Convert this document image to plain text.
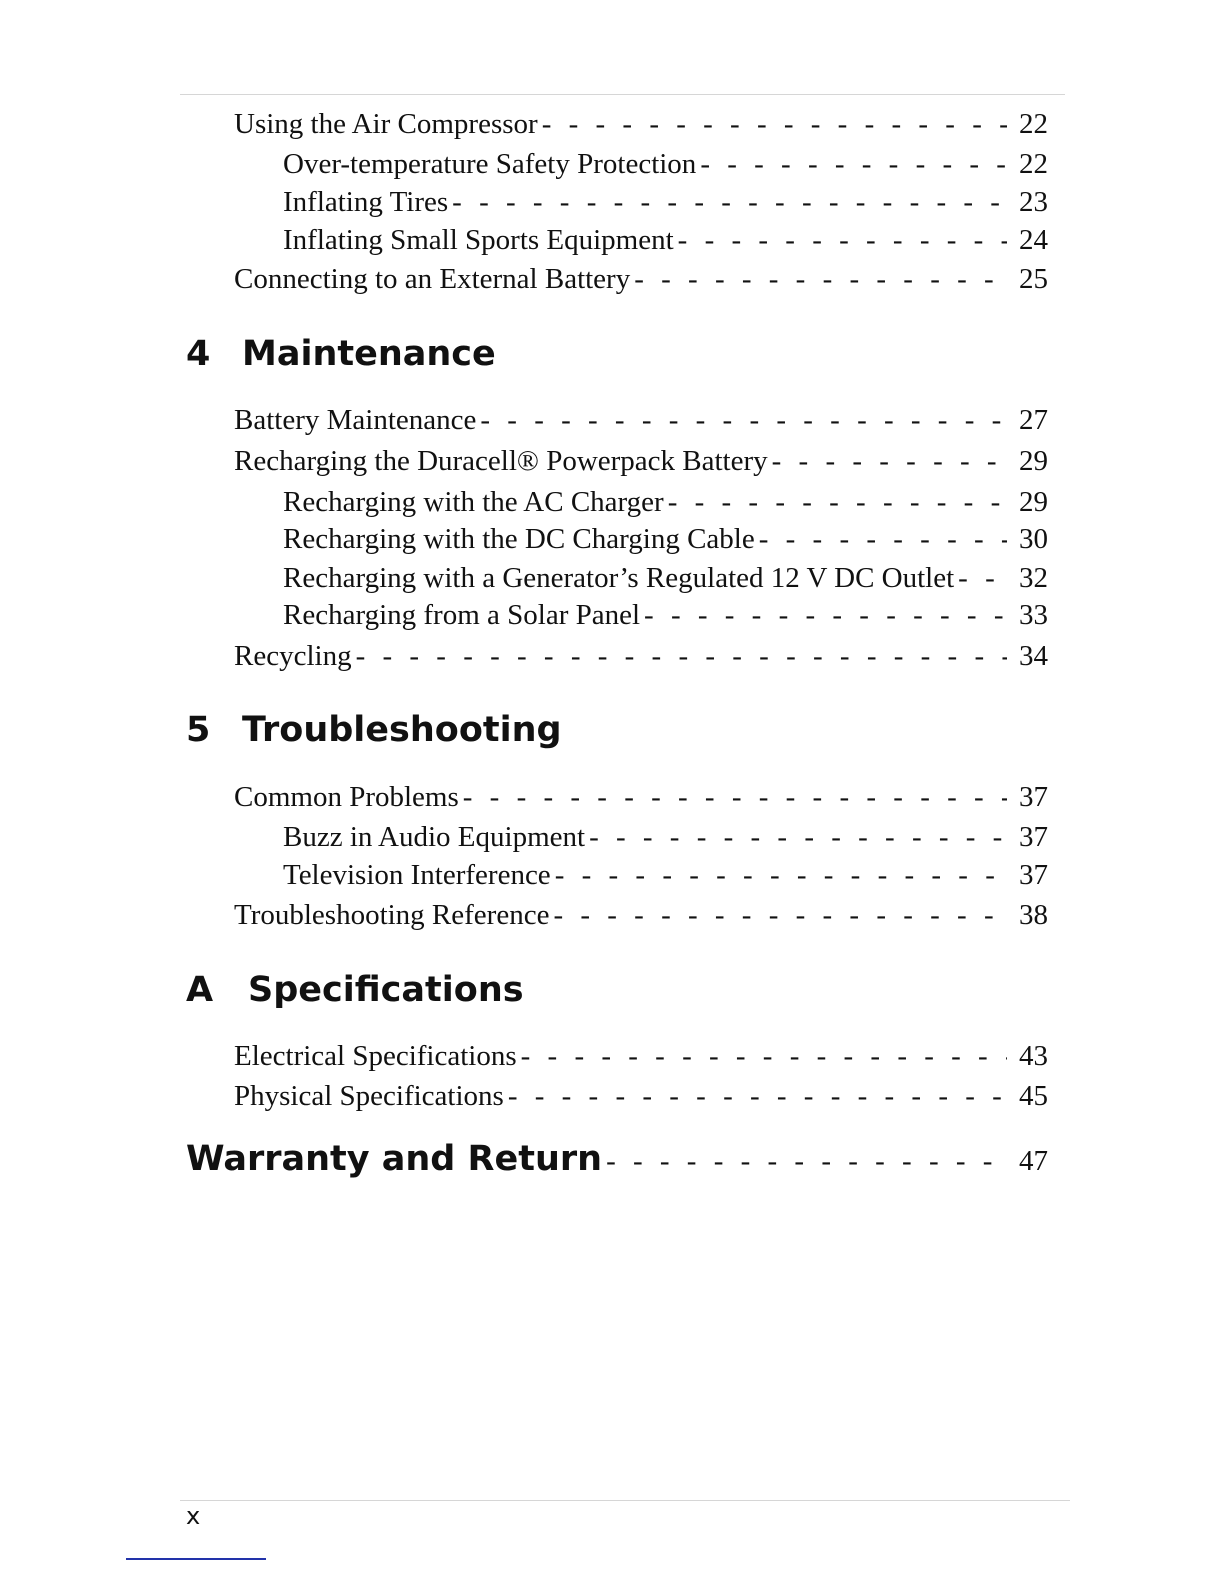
Using the Air Compressor - - -	22
Over-temperature Safety Protection - - -	22
Inflating Tires - - -	23
Inflating Small Sports Equipment - - -	24
Connecting to an External Battery - - -	25
4 Maintenance
Battery Maintenance - - -	27
Recharging the Duracell® Powerpack Battery - - -	29
Recharging with the AC Charger - - -	29
Recharging with the DC Charging Cable - - -	30
Recharging with a Generator’s Regulated 12 V DC Outlet - - - 32
Recharging from a Solar Panel - - -	33
Recycling - - -	34
5 Troubleshooting
Common Problems - - -	37
Buzz in Audio Equipment - - -	37
Television Interference - - -	37
Troubleshooting Reference - - -	38
A Specifications
Electrical Specifications - - -	43
Physical Specifications - - -	45
Warranty and Return - - -	47
x
